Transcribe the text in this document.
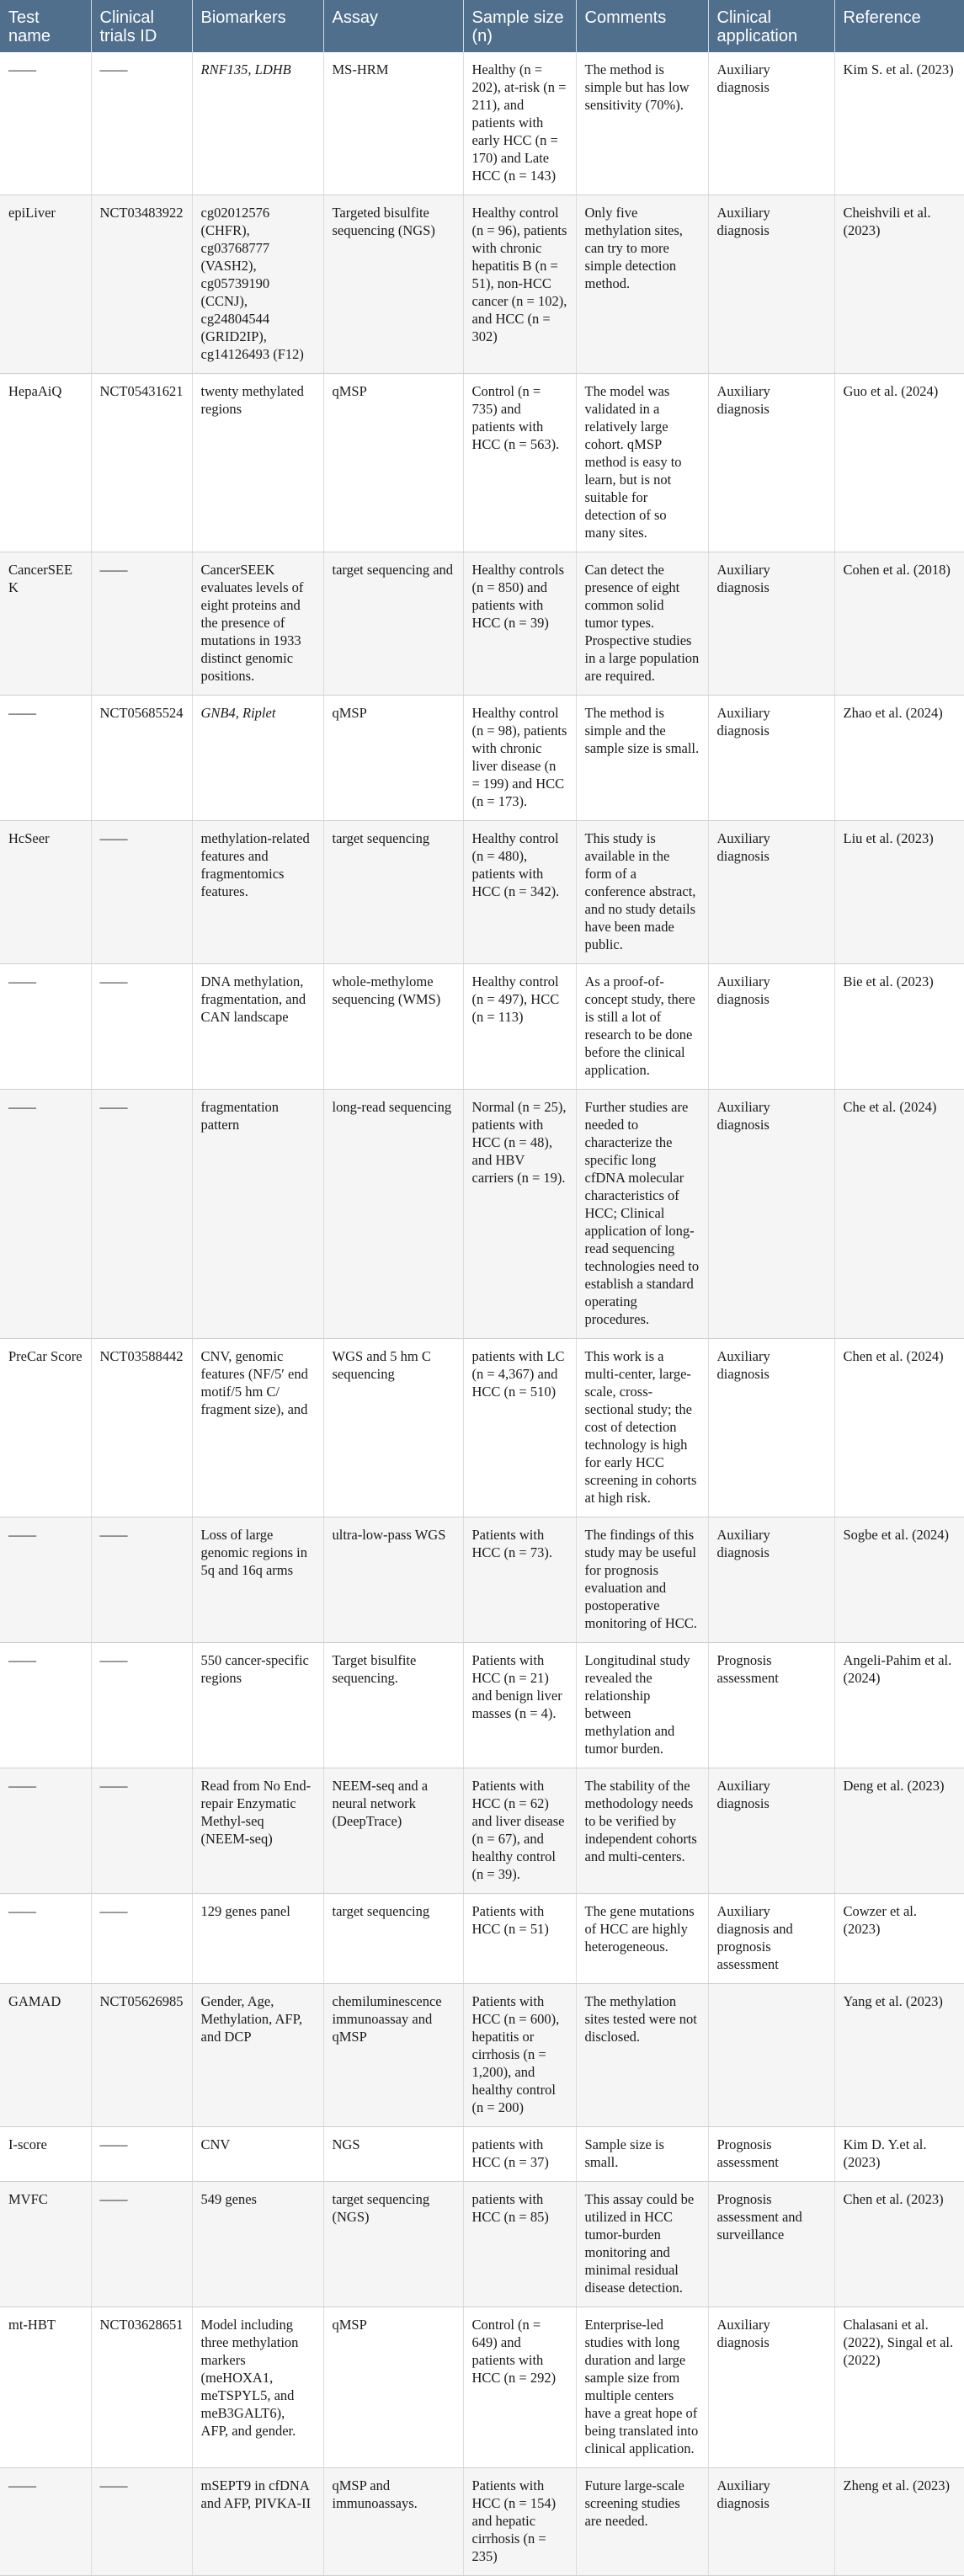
Test name	Clinical trials ID	Biomarkers	Assay	Sample size (n)	Comments	Clinical application	Reference
——	——	RNF135, LDHB	MS-HRM	Healthy (n = 202), at-risk (n = 211), and patients with early HCC (n = 170) and Late HCC (n = 143)	The method is simple but has low sensitivity (70%).	Auxiliary diagnosis	Kim S. et al. (2023)
epiLiver	NCT03483922	cg02012576 (CHFR), cg03768777 (VASH2), cg05739190 (CCNJ), cg24804544 (GRID2IP), cg14126493 (F12)	Targeted bisulfite sequencing (NGS)	Healthy control (n = 96), patients with chronic hepatitis B (n = 51), non-HCC cancer (n = 102), and HCC (n = 302)	Only five methylation sites, can try to more simple detection method.	Auxiliary diagnosis	Cheishvili et al. (2023)
HepaAiQ	NCT05431621	twenty methylated regions	qMSP	Control (n = 735) and patients with HCC (n = 563).	The model was validated in a relatively large cohort. qMSP method is easy to learn, but is not suitable for detection of so many sites.	Auxiliary diagnosis	Guo et al. (2024)
CancerSEEK	——	CancerSEEK evaluates levels of eight proteins and the presence of mutations in 1933 distinct genomic positions.	target sequencing and	Healthy controls (n = 850) and patients with HCC (n = 39)	Can detect the presence of eight common solid tumor types. Prospective studies in a large population are required.	Auxiliary diagnosis	Cohen et al. (2018)
——	NCT05685524	GNB4, Riplet	qMSP	Healthy control (n = 98), patients with chronic liver disease (n = 199) and HCC (n = 173).	The method is simple and the sample size is small.	Auxiliary diagnosis	Zhao et al. (2024)
HcSeer	——	methylation-related features and fragmentomics features.	target sequencing	Healthy control (n = 480), patients with HCC (n = 342).	This study is available in the form of a conference abstract, and no study details have been made public.	Auxiliary diagnosis	Liu et al. (2023)
——	——	DNA methylation, fragmentation, and CAN landscape	whole-methylome sequencing (WMS)	Healthy control (n = 497), HCC (n = 113)	As a proof-of-concept study, there is still a lot of research to be done before the clinical application.	Auxiliary diagnosis	Bie et al. (2023)
——	——	fragmentation pattern	long-read sequencing	Normal (n = 25), patients with HCC (n = 48), and HBV carriers (n = 19).	Further studies are needed to characterize the specific long cfDNA molecular characteristics of HCC; Clinical application of long-read sequencing technologies need to establish a standard operating procedures.	Auxiliary diagnosis	Che et al. (2024)
PreCar Score	NCT03588442	CNV, genomic features (NF/5′ end motif/5 hm C/ fragment size), and	WGS and 5 hm C sequencing	patients with LC (n = 4,367) and HCC (n = 510)	This work is a multi-center, large-scale, cross-sectional study; the cost of detection technology is high for early HCC screening in cohorts at high risk.	Auxiliary diagnosis	Chen et al. (2024)
——	——	Loss of large genomic regions in 5q and 16q arms	ultra-low-pass WGS	Patients with HCC (n = 73).	The findings of this study may be useful for prognosis evaluation and postoperative monitoring of HCC.	Auxiliary diagnosis	Sogbe et al. (2024)
——	——	550 cancer-specific regions	Target bisulfite sequencing.	Patients with HCC (n = 21) and benign liver masses (n = 4).	Longitudinal study revealed the relationship between methylation and tumor burden.	Prognosis assessment	Angeli-Pahim et al. (2024)
——	——	Read from No End-repair Enzymatic Methyl-seq (NEEM-seq)	NEEM-seq and a neural network (DeepTrace)	Patients with HCC (n = 62) and liver disease (n = 67), and healthy control (n = 39).	The stability of the methodology needs to be verified by independent cohorts and multi-centers.	Auxiliary diagnosis	Deng et al. (2023)
——	——	129 genes panel	target sequencing	Patients with HCC (n = 51)	The gene mutations of HCC are highly heterogeneous.	Auxiliary diagnosis and prognosis assessment	Cowzer et al. (2023)
GAMAD	NCT05626985	Gender, Age, Methylation, AFP, and DCP	chemiluminescence immunoassay and qMSP	Patients with HCC (n = 600), hepatitis or cirrhosis (n = 1,200), and healthy control (n = 200)	The methylation sites tested were not disclosed.		Yang et al. (2023)
I-score	——	CNV	NGS	patients with HCC (n = 37)	Sample size is small.	Prognosis assessment	Kim D. Y.et al. (2023)
MVFC	——	549 genes	target sequencing (NGS)	patients with HCC (n = 85)	This assay could be utilized in HCC tumor-burden monitoring and minimal residual disease detection.	Prognosis assessment and surveillance	Chen et al. (2023)
mt-HBT	NCT03628651	Model including three methylation markers (meHOXA1, meTSPYL5, and meB3GALT6), AFP, and gender.	qMSP	Control (n = 649) and patients with HCC (n = 292)	Enterprise-led studies with long duration and large sample size from multiple centers have a great hope of being translated into clinical application.	Auxiliary diagnosis	Chalasani et al. (2022), Singal et al. (2022)
——	——	mSEPT9 in cfDNA and AFP, PIVKA-II	qMSP and immunoassays.	Patients with HCC (n = 154) and hepatic cirrhosis (n = 235)	Future large-scale screening studies are needed.	Auxiliary diagnosis	Zheng et al. (2023)
